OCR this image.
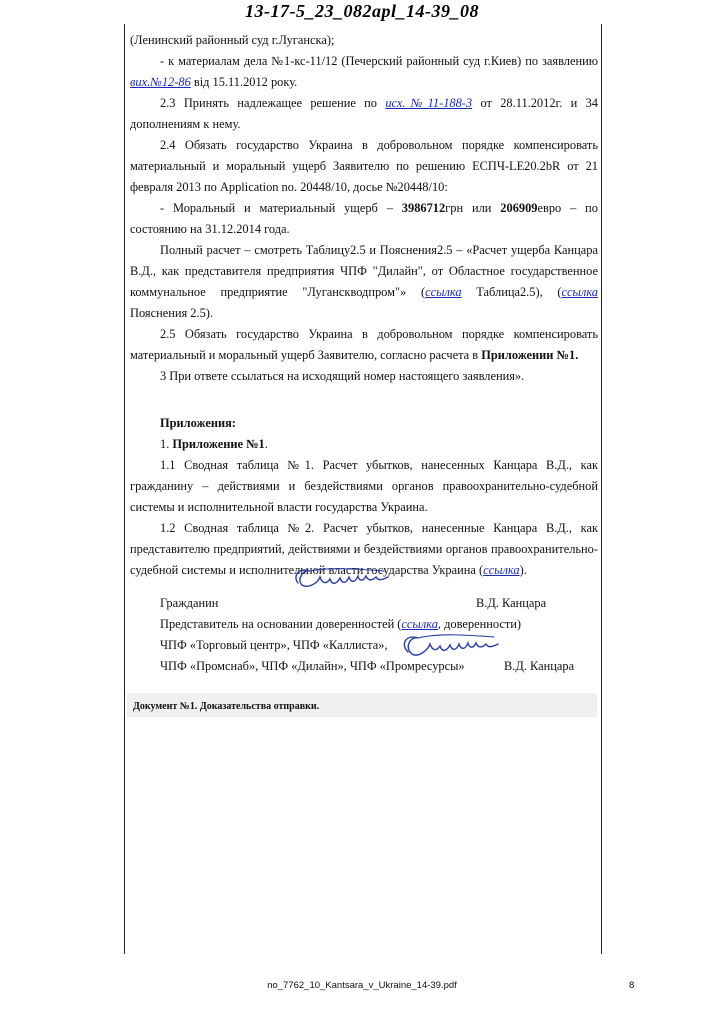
13-17-5_23_082apl_14-39_08

(Ленинский районный суд г.Луганска);

- к материалам дела №1-кс-11/12 (Печерский районный суд г.Киев) по заявлению вих.№12-86 від 15.11.2012 року.

2.3 Принять надлежащее решение по исх.№11-188-3 от 28.11.2012г. и 34 дополнениям к нему.

2.4 Обязать государство Украина в добровольном порядке компенсировать материальный и моральный ущерб Заявителю по решению ЕСПЧ-LE20.2bR от 21 февраля 2013 по Application no. 20448/10, досье №20448/10:

- Моральный и материальный ущерб – 3986712грн или 206909евро – по состоянию на 31.12.2014 года.

Полный расчет – смотреть Таблицу2.5 и Пояснения2.5 – «Расчет ущерба Канцара В.Д., как представителя предприятия ЧПФ "Дилайн", от Областное государственное коммунальное предприятие "Луганскводпром"» (ссылка Таблица2.5), (ссылка Пояснения 2.5).

2.5 Обязать государство Украина в добровольном порядке компенсировать материальный и моральный ущерб Заявителю, согласно расчета в Приложении №1.

3 При ответе ссылаться на исходящий номер настоящего заявления».

Приложения:

1. Приложение №1.

1.1 Сводная таблица №1. Расчет убытков, нанесенных Канцара В.Д., как гражданину – действиями и бездействиями органов правоохранительно-судебной системы и исполнительной власти государства Украина.

1.2 Сводная таблица №2. Расчет убытков, нанесенные Канцара В.Д., как представителю предприятий, действиями и бездействиями органов правоохранительно-судебной системы и исполнительной власти государства Украина (ссылка).

Гражданин	В.Д. Канцара

Представитель на основании доверенностей (ссылка, доверенности)

ЧПФ «Торговый центр», ЧПФ «Каллиста»,

ЧПФ «Промснаб», ЧПФ «Дилайн», ЧПФ «Промресурсы»	В.Д. Канцара

Документ №1. Доказательства отправки.
no_7762_10_Kantsara_v_Ukraine_14-39.pdf	8
